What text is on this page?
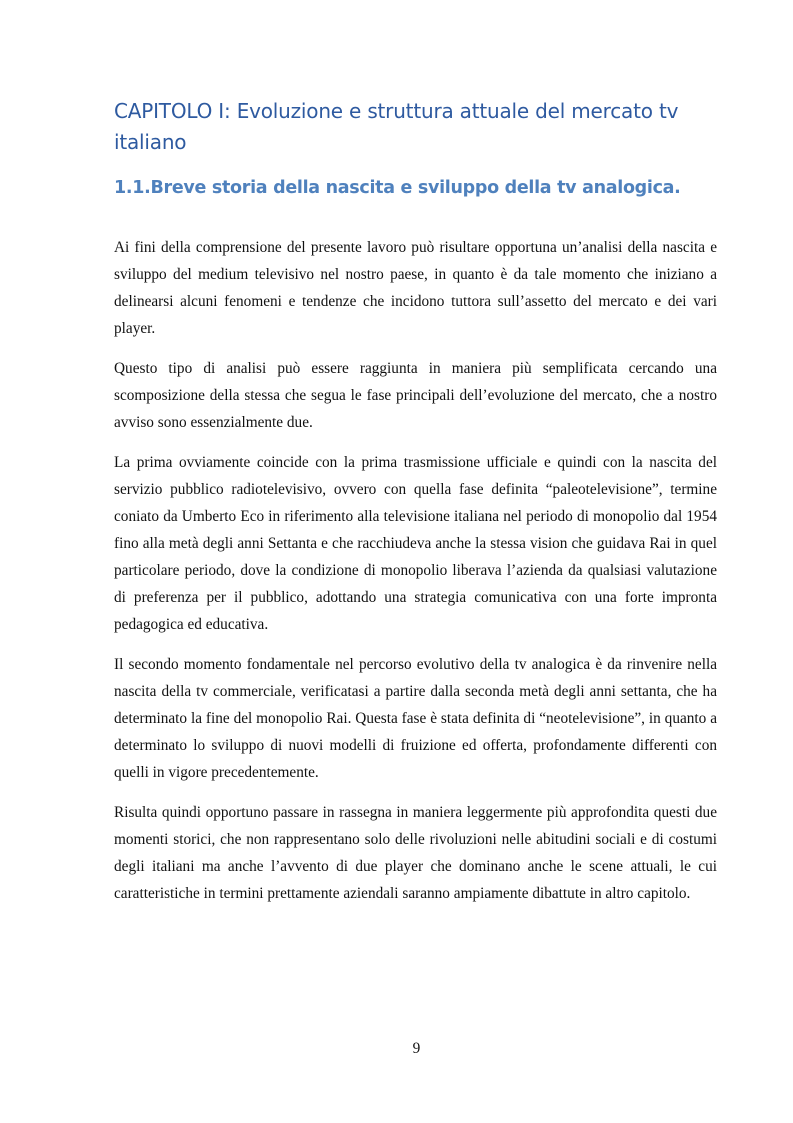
CAPITOLO I: Evoluzione e struttura attuale del mercato tv italiano
1.1.Breve storia della nascita e sviluppo della tv analogica.

Ai fini della comprensione del presente lavoro può risultare opportuna un’analisi della nascita e sviluppo del medium televisivo nel nostro paese, in quanto è da tale momento che iniziano a delinearsi alcuni fenomeni e tendenze che incidono tuttora sull’assetto del mercato e dei vari player.

Questo tipo di analisi può essere raggiunta in maniera più semplificata cercando una scomposizione della stessa che segua le fase principali dell’evoluzione del mercato, che a nostro avviso sono essenzialmente due.

La prima ovviamente coincide con la prima trasmissione ufficiale e quindi con la nascita del servizio pubblico radiotelevisivo, ovvero con quella fase definita “paleotelevisione”, termine coniato da Umberto Eco in riferimento alla televisione italiana nel periodo di monopolio dal 1954 fino alla metà degli anni Settanta e che racchiudeva anche la stessa vision che guidava Rai in quel particolare periodo, dove la condizione di monopolio liberava l’azienda da qualsiasi valutazione di preferenza per il pubblico, adottando una strategia comunicativa con una forte impronta pedagogica ed educativa.

Il secondo momento fondamentale nel percorso evolutivo della tv analogica è da rinvenire nella nascita della tv commerciale, verificatasi a partire dalla seconda metà degli anni settanta, che ha determinato la fine del monopolio Rai. Questa fase è stata definita di “neotelevisione”, in quanto a determinato lo sviluppo di nuovi modelli di fruizione ed offerta, profondamente differenti con quelli in vigore precedentemente.

Risulta quindi opportuno passare in rassegna in maniera leggermente più approfondita questi due momenti storici, che non rappresentano solo delle rivoluzioni nelle abitudini sociali e di costumi degli italiani ma anche l’avvento di due player che dominano anche le scene attuali, le cui caratteristiche in termini prettamente aziendali saranno ampiamente dibattute in altro capitolo.

9
